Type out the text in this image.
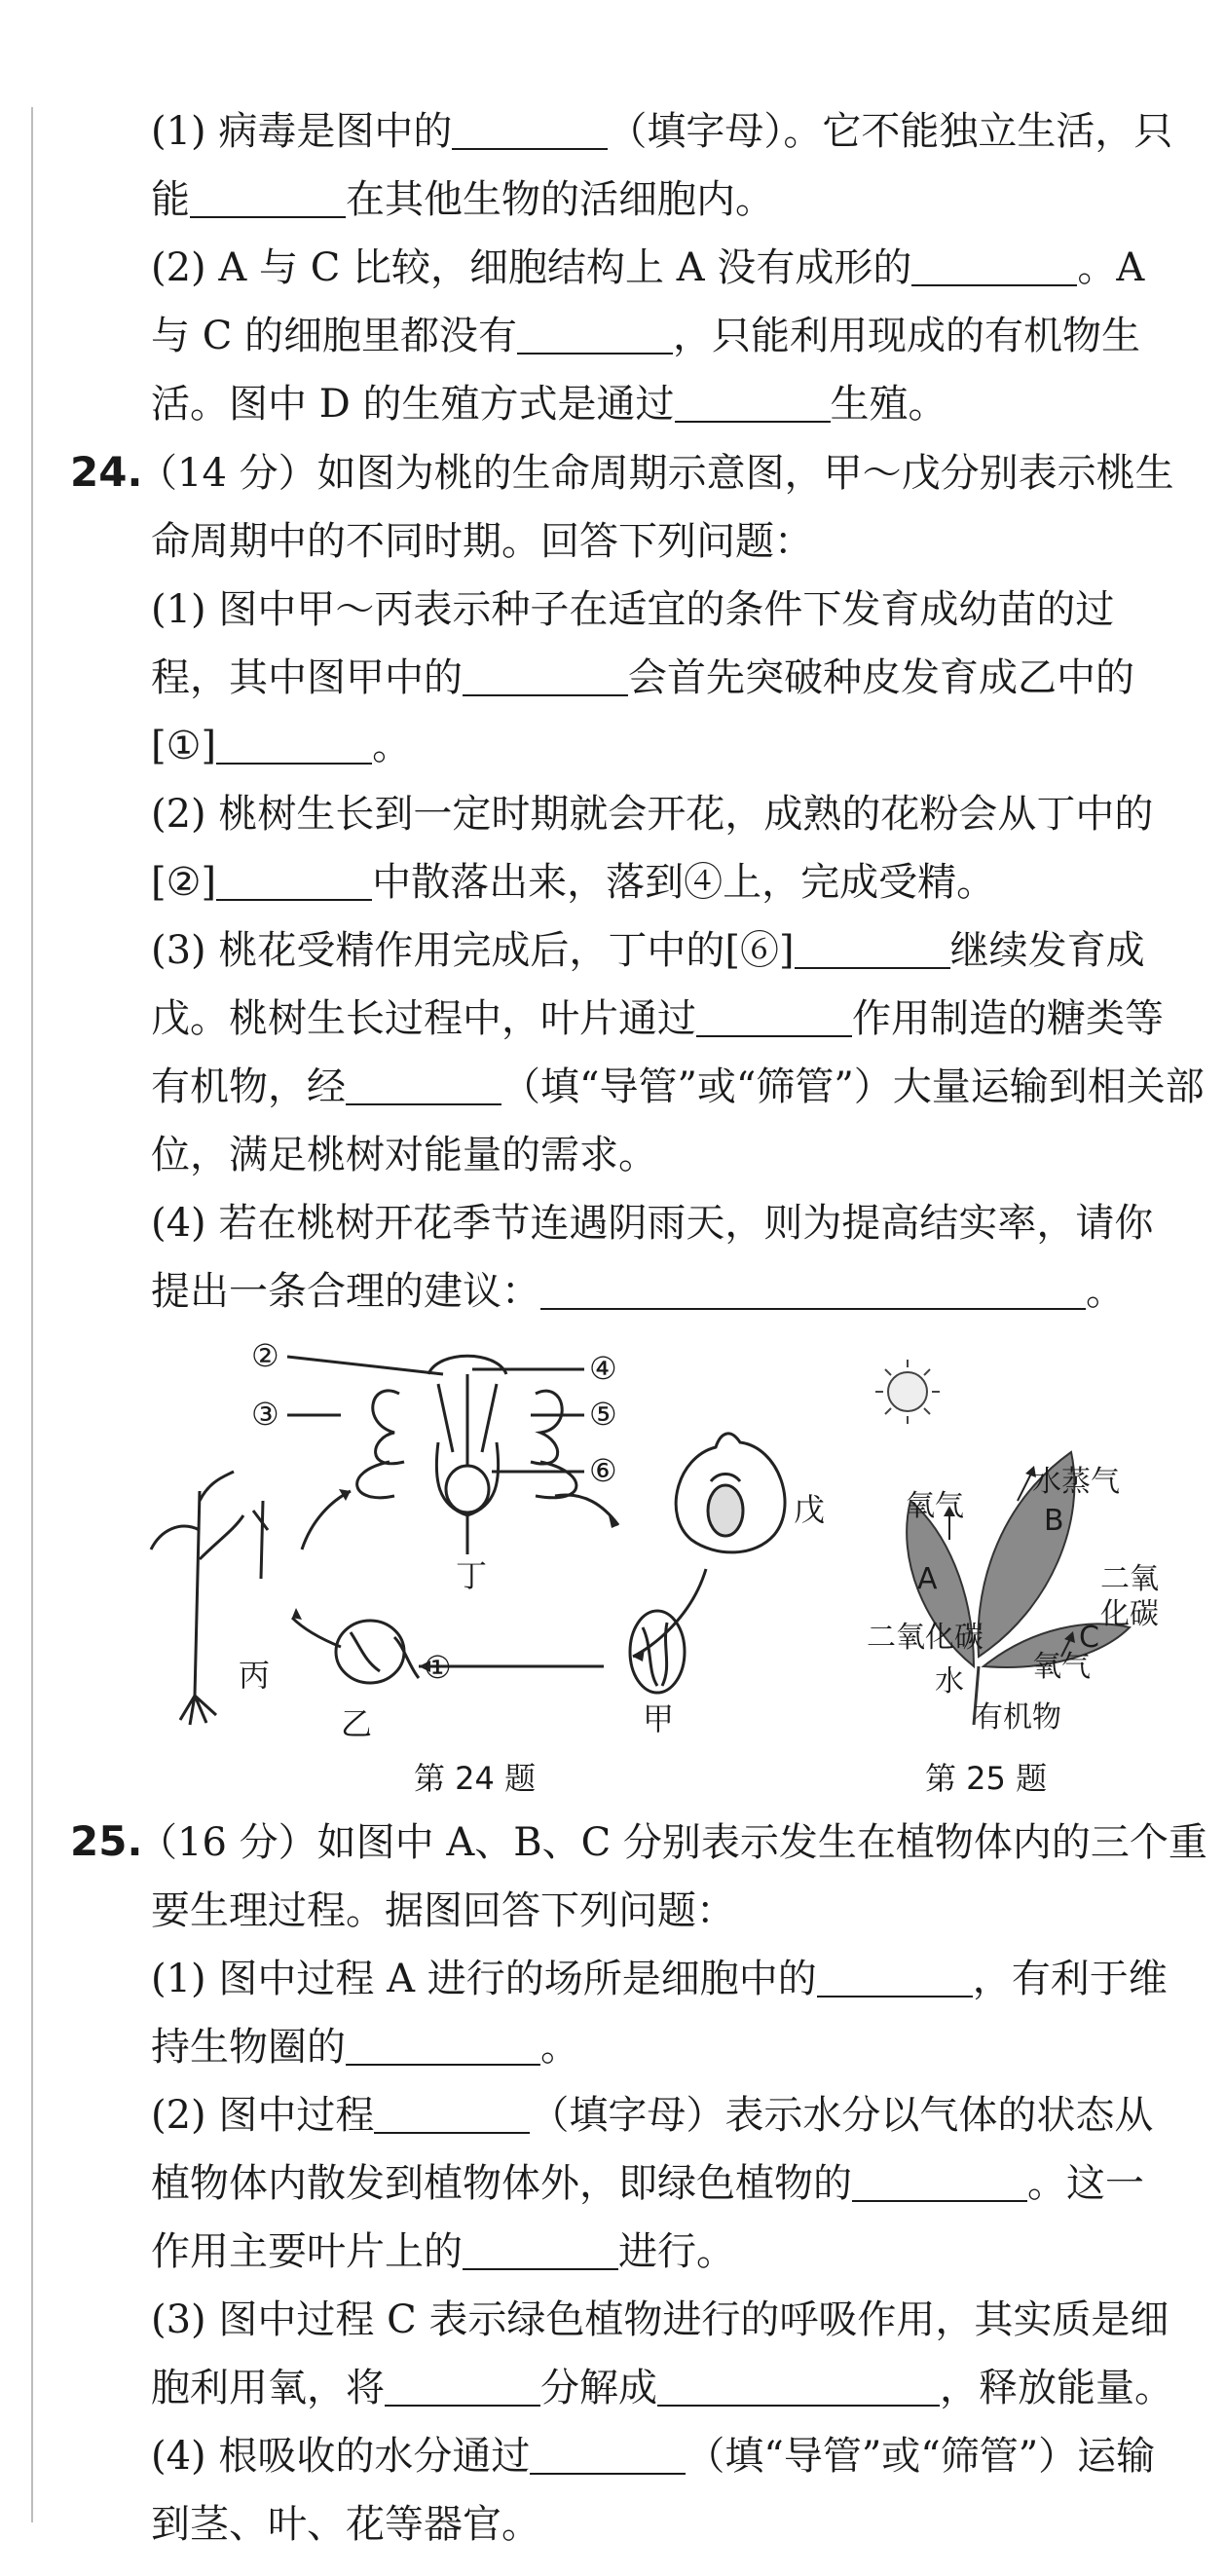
(1) 病毒是图中的	（填字母）。它不能独立生活，只
能	在其他生物的活细胞内。
(2) A 与 C 比较，细胞结构上 A 没有成形的	。A
与 C 的细胞里都没有	，只能利用现成的有机物生
活。图中 D 的生殖方式是通过	生殖。
24.（14 分）如图为桃的生命周期示意图，甲～戊分别表示桃生
命周期中的不同时期。回答下列问题：
(1) 图中甲～丙表示种子在适宜的条件下发育成幼苗的过
程，其中图甲中的	会首先突破种皮发育成乙中的
[①]	。
(2) 桃树生长到一定时期就会开花，成熟的花粉会从丁中的
[②]	中散落出来，落到④上，完成受精。
(3) 桃花受精作用完成后，丁中的[⑥]	继续发育成
戊。桃树生长过程中，叶片通过	作用制造的糖类等
有机物，经	（填“导管”或“筛管”）大量运输到相关部
位，满足桃树对能量的需求。
(4) 若在桃树开花季节连遇阴雨天，则为提高结实率，请你
提出一条合理的建议：	。
②
③
④
⑤
⑥
丁
戊
①
甲
乙
丙
氧气
水蒸气
B
A	二氧
化碳
二氧化碳	C
氧气
水
有机物
第 24 题	第 25 题
25.（16 分）如图中 A、B、C 分别表示发生在植物体内的三个重
要生理过程。据图回答下列问题：
(1) 图中过程 A 进行的场所是细胞中的	，有利于维
持生物圈的	。
(2) 图中过程	（填字母）表示水分以气体的状态从
植物体内散发到植物体外，即绿色植物的	。这一
作用主要叶片上的	进行。
(3) 图中过程 C 表示绿色植物进行的呼吸作用，其实质是细
胞利用氧，将	分解成	，释放能量。
(4) 根吸收的水分通过	（填“导管”或“筛管”）运输
到茎、叶、花等器官。
